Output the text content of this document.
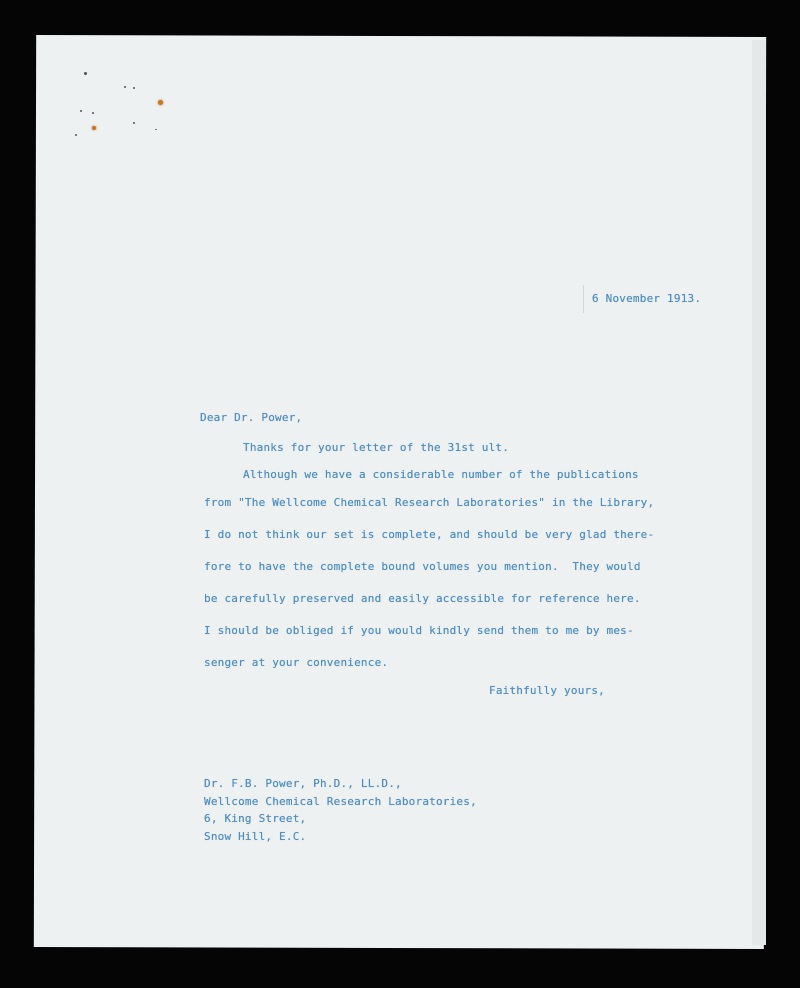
6 November 1913.
Dear Dr. Power,
Thanks for your letter of the 31st ult.
Although we have a considerable number of the publications
from "The Wellcome Chemical Research Laboratories" in the Library,
I do not think our set is complete, and should be very glad there-
fore to have the complete bound volumes you mention.  They would
be carefully preserved and easily accessible for reference here.
I should be obliged if you would kindly send them to me by mes-
senger at your convenience.
Faithfully yours,
Dr. F.B. Power, Ph.D., LL.D.,
Wellcome Chemical Research Laboratories,
6, King Street,
Snow Hill, E.C.
